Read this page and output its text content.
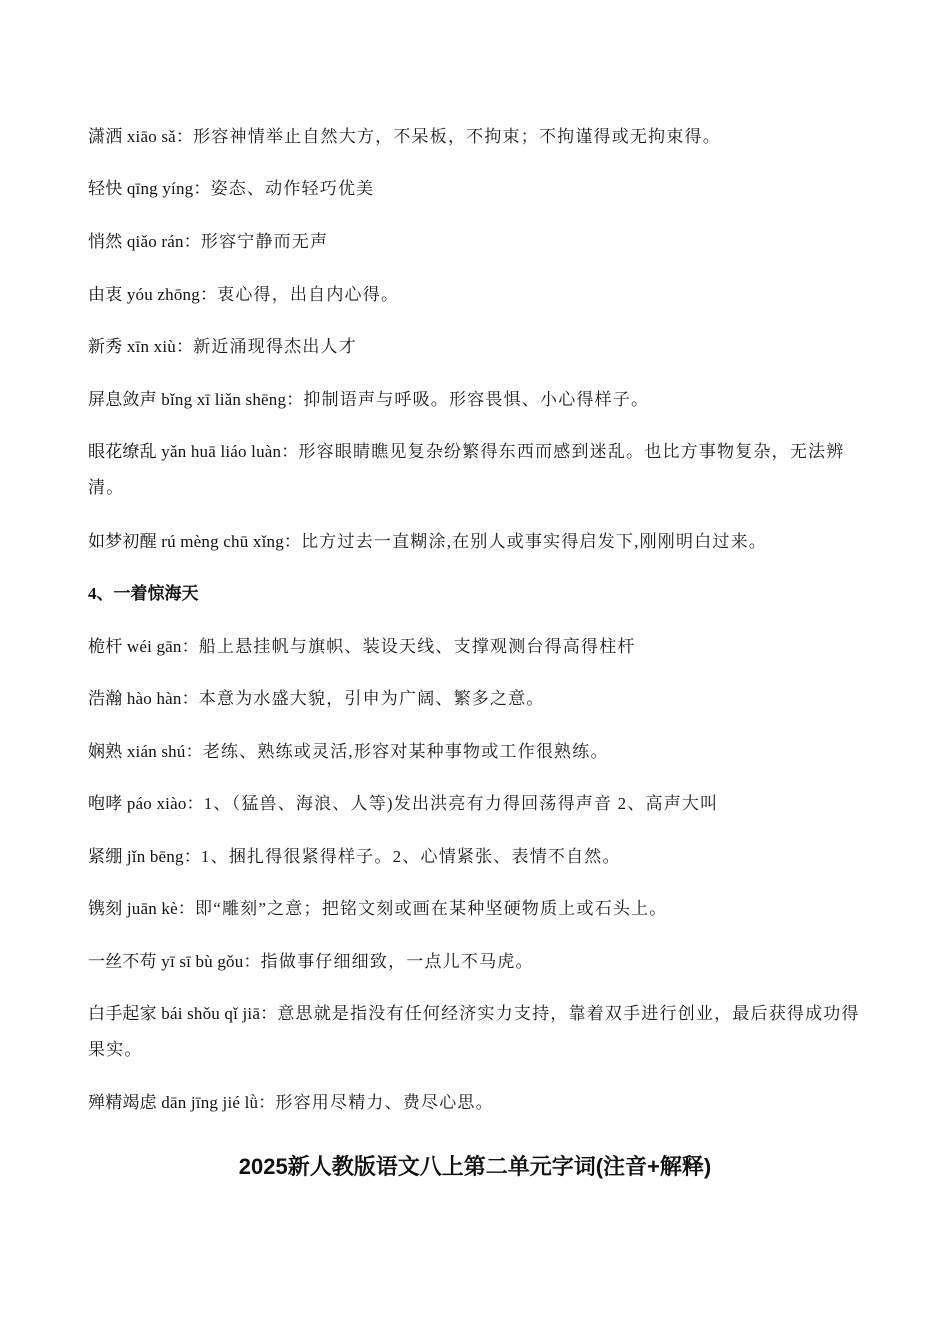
潇洒 xiāo sǎ：形容神情举止自然大方，不呆板，不拘束；不拘谨得或无拘束得。
轻快 qīng yíng：姿态、动作轻巧优美
悄然 qiǎo rán：形容宁静而无声
由衷 yóu zhōng：衷心得，出自内心得。
新秀 xīn xiù：新近涌现得杰出人才
屏息敛声 bǐng xī liǎn shēng：抑制语声与呼吸。形容畏惧、小心得样子。
眼花缭乱 yǎn huā liáo luàn：形容眼睛瞧见复杂纷繁得东西而感到迷乱。也比方事物复杂，无法辨清。
如梦初醒 rú mèng chū xǐng：比方过去一直糊涂,在别人或事实得启发下,刚刚明白过来。
4、一着惊海天
桅杆 wéi gān：船上悬挂帆与旗帜、装设天线、支撑观测台得高得柱杆
浩瀚 hào hàn：本意为水盛大貌，引申为广阔、繁多之意。
娴熟 xián shú：老练、熟练或灵活,形容对某种事物或工作很熟练。
咆哮 páo xiào：1、（猛兽、海浪、人等)发出洪亮有力得回荡得声音 2、高声大叫
紧绷 jǐn bēng：1、捆扎得很紧得样子。2、心情紧张、表情不自然。
镌刻 juān kè：即“雕刻”之意；把铭文刻或画在某种坚硬物质上或石头上。
一丝不苟 yī sī bù gǒu：指做事仔细细致，一点儿不马虎。
白手起家 bái shǒu qǐ jiā：意思就是指没有任何经济实力支持，靠着双手进行创业，最后获得成功得果实。
殚精竭虑 dān jīng jié lǜ：形容用尽精力、费尽心思。
2025新人教版语文八上第二单元字词(注音+解释)
